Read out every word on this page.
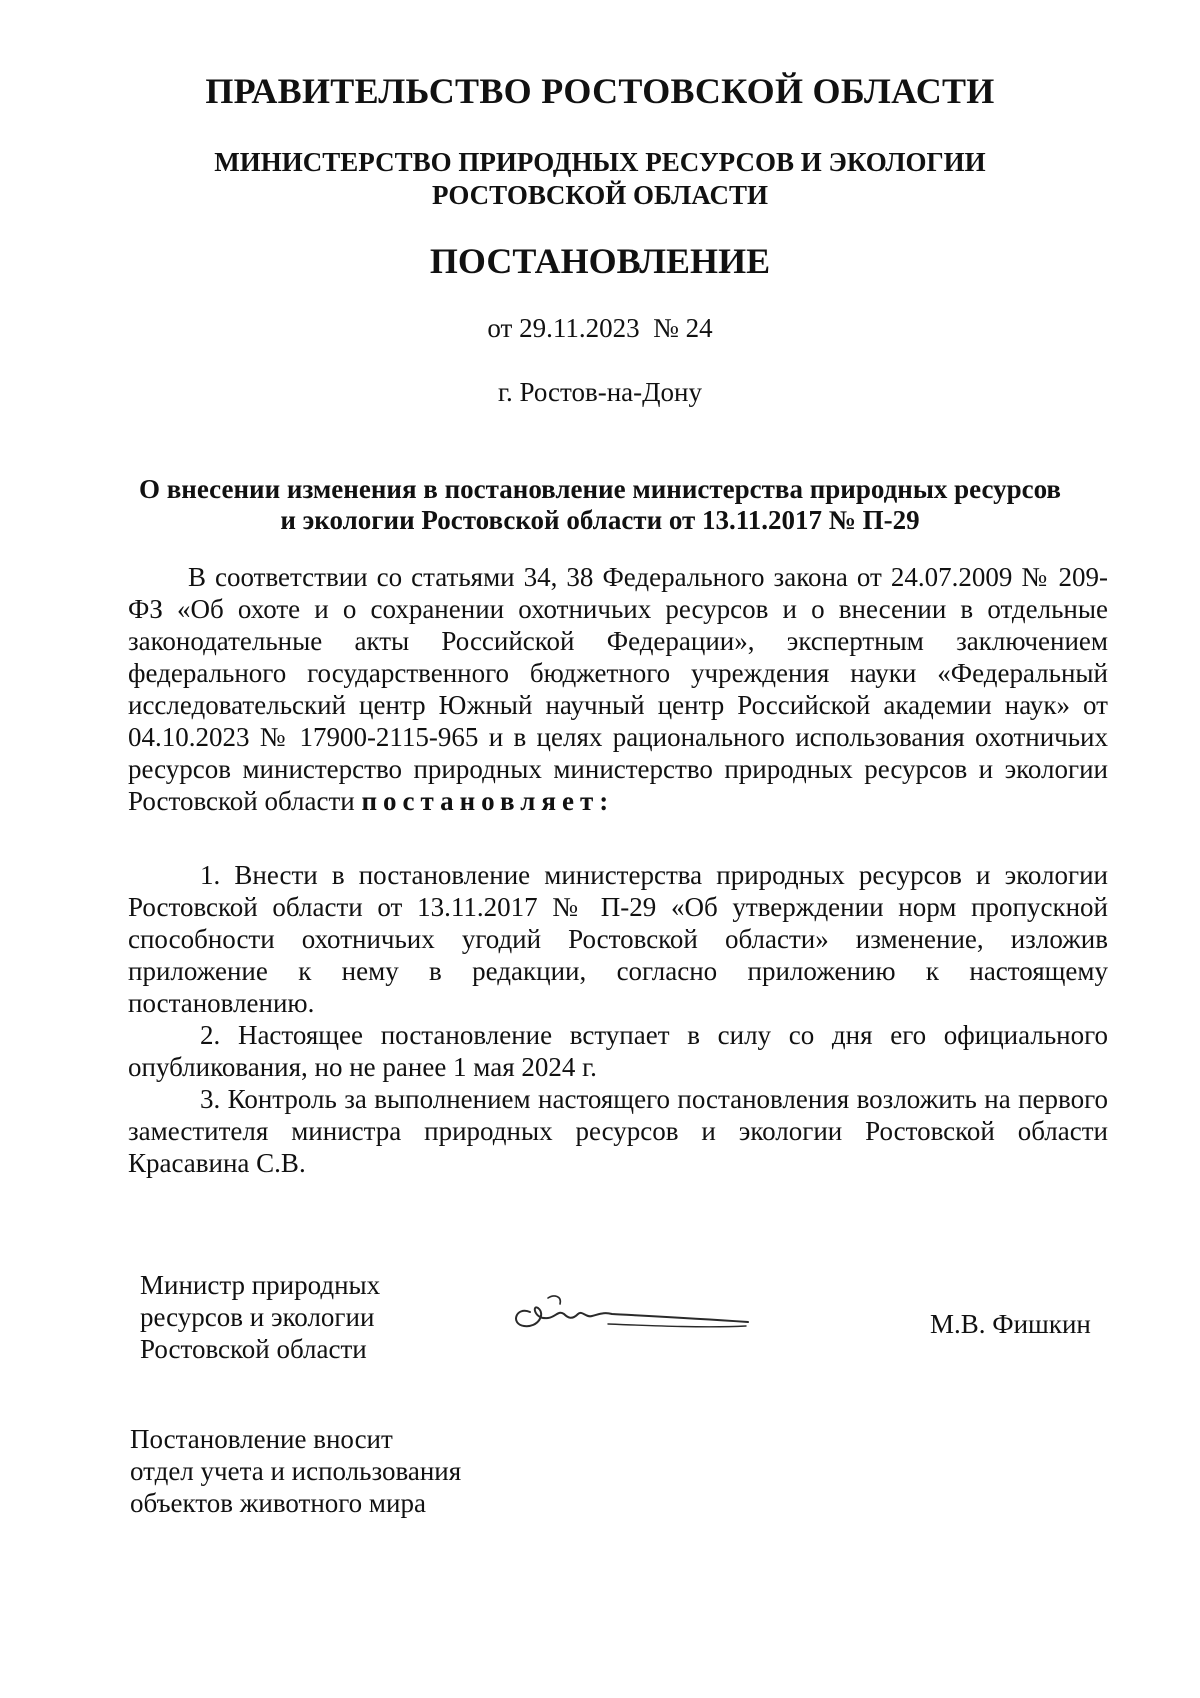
ПРАВИТЕЛЬСТВО РОСТОВСКОЙ ОБЛАСТИ
МИНИСТЕРСТВО ПРИРОДНЫХ РЕСУРСОВ И ЭКОЛОГИИ
РОСТОВСКОЙ ОБЛАСТИ
ПОСТАНОВЛЕНИЕ
от 29.11.2023  № 24
г. Ростов-на-Дону
О внесении изменения в постановление министерства природных ресурсов
и экологии Ростовской области от 13.11.2017 № П-29

В соответствии со статьями 34, 38 Федерального закона от 24.07.2009 № 209-ФЗ «Об охоте и о сохранении охотничьих ресурсов и о внесении в отдельные законодательные акты Российской Федерации», экспертным заключением федерального государственного бюджетного учреждения науки «Федеральный исследовательский центр Южный научный центр Российской академии наук» от 04.10.2023 № 17900-2115-965 и в целях рационального использования охотничьих ресурсов министерство природных министерство природных ресурсов и экологии Ростовской области постановляет:

1. Внести в постановление министерства природных ресурсов и экологии Ростовской области от 13.11.2017 № П-29 «Об утверждении норм пропускной способности охотничьих угодий Ростовской области» изменение, изложив приложение к нему в редакции, согласно приложению к настоящему постановлению.

2. Настоящее постановление вступает в силу со дня его официального опубликования, но не ранее 1 мая 2024 г.

3. Контроль за выполнением настоящего постановления возложить на первого заместителя министра природных ресурсов и экологии Ростовской области Красавина С.В.

Министр природных
ресурсов и экологии
Ростовской области
М.В. Фишкин
Постановление вносит
отдел учета и использования
объектов животного мира
